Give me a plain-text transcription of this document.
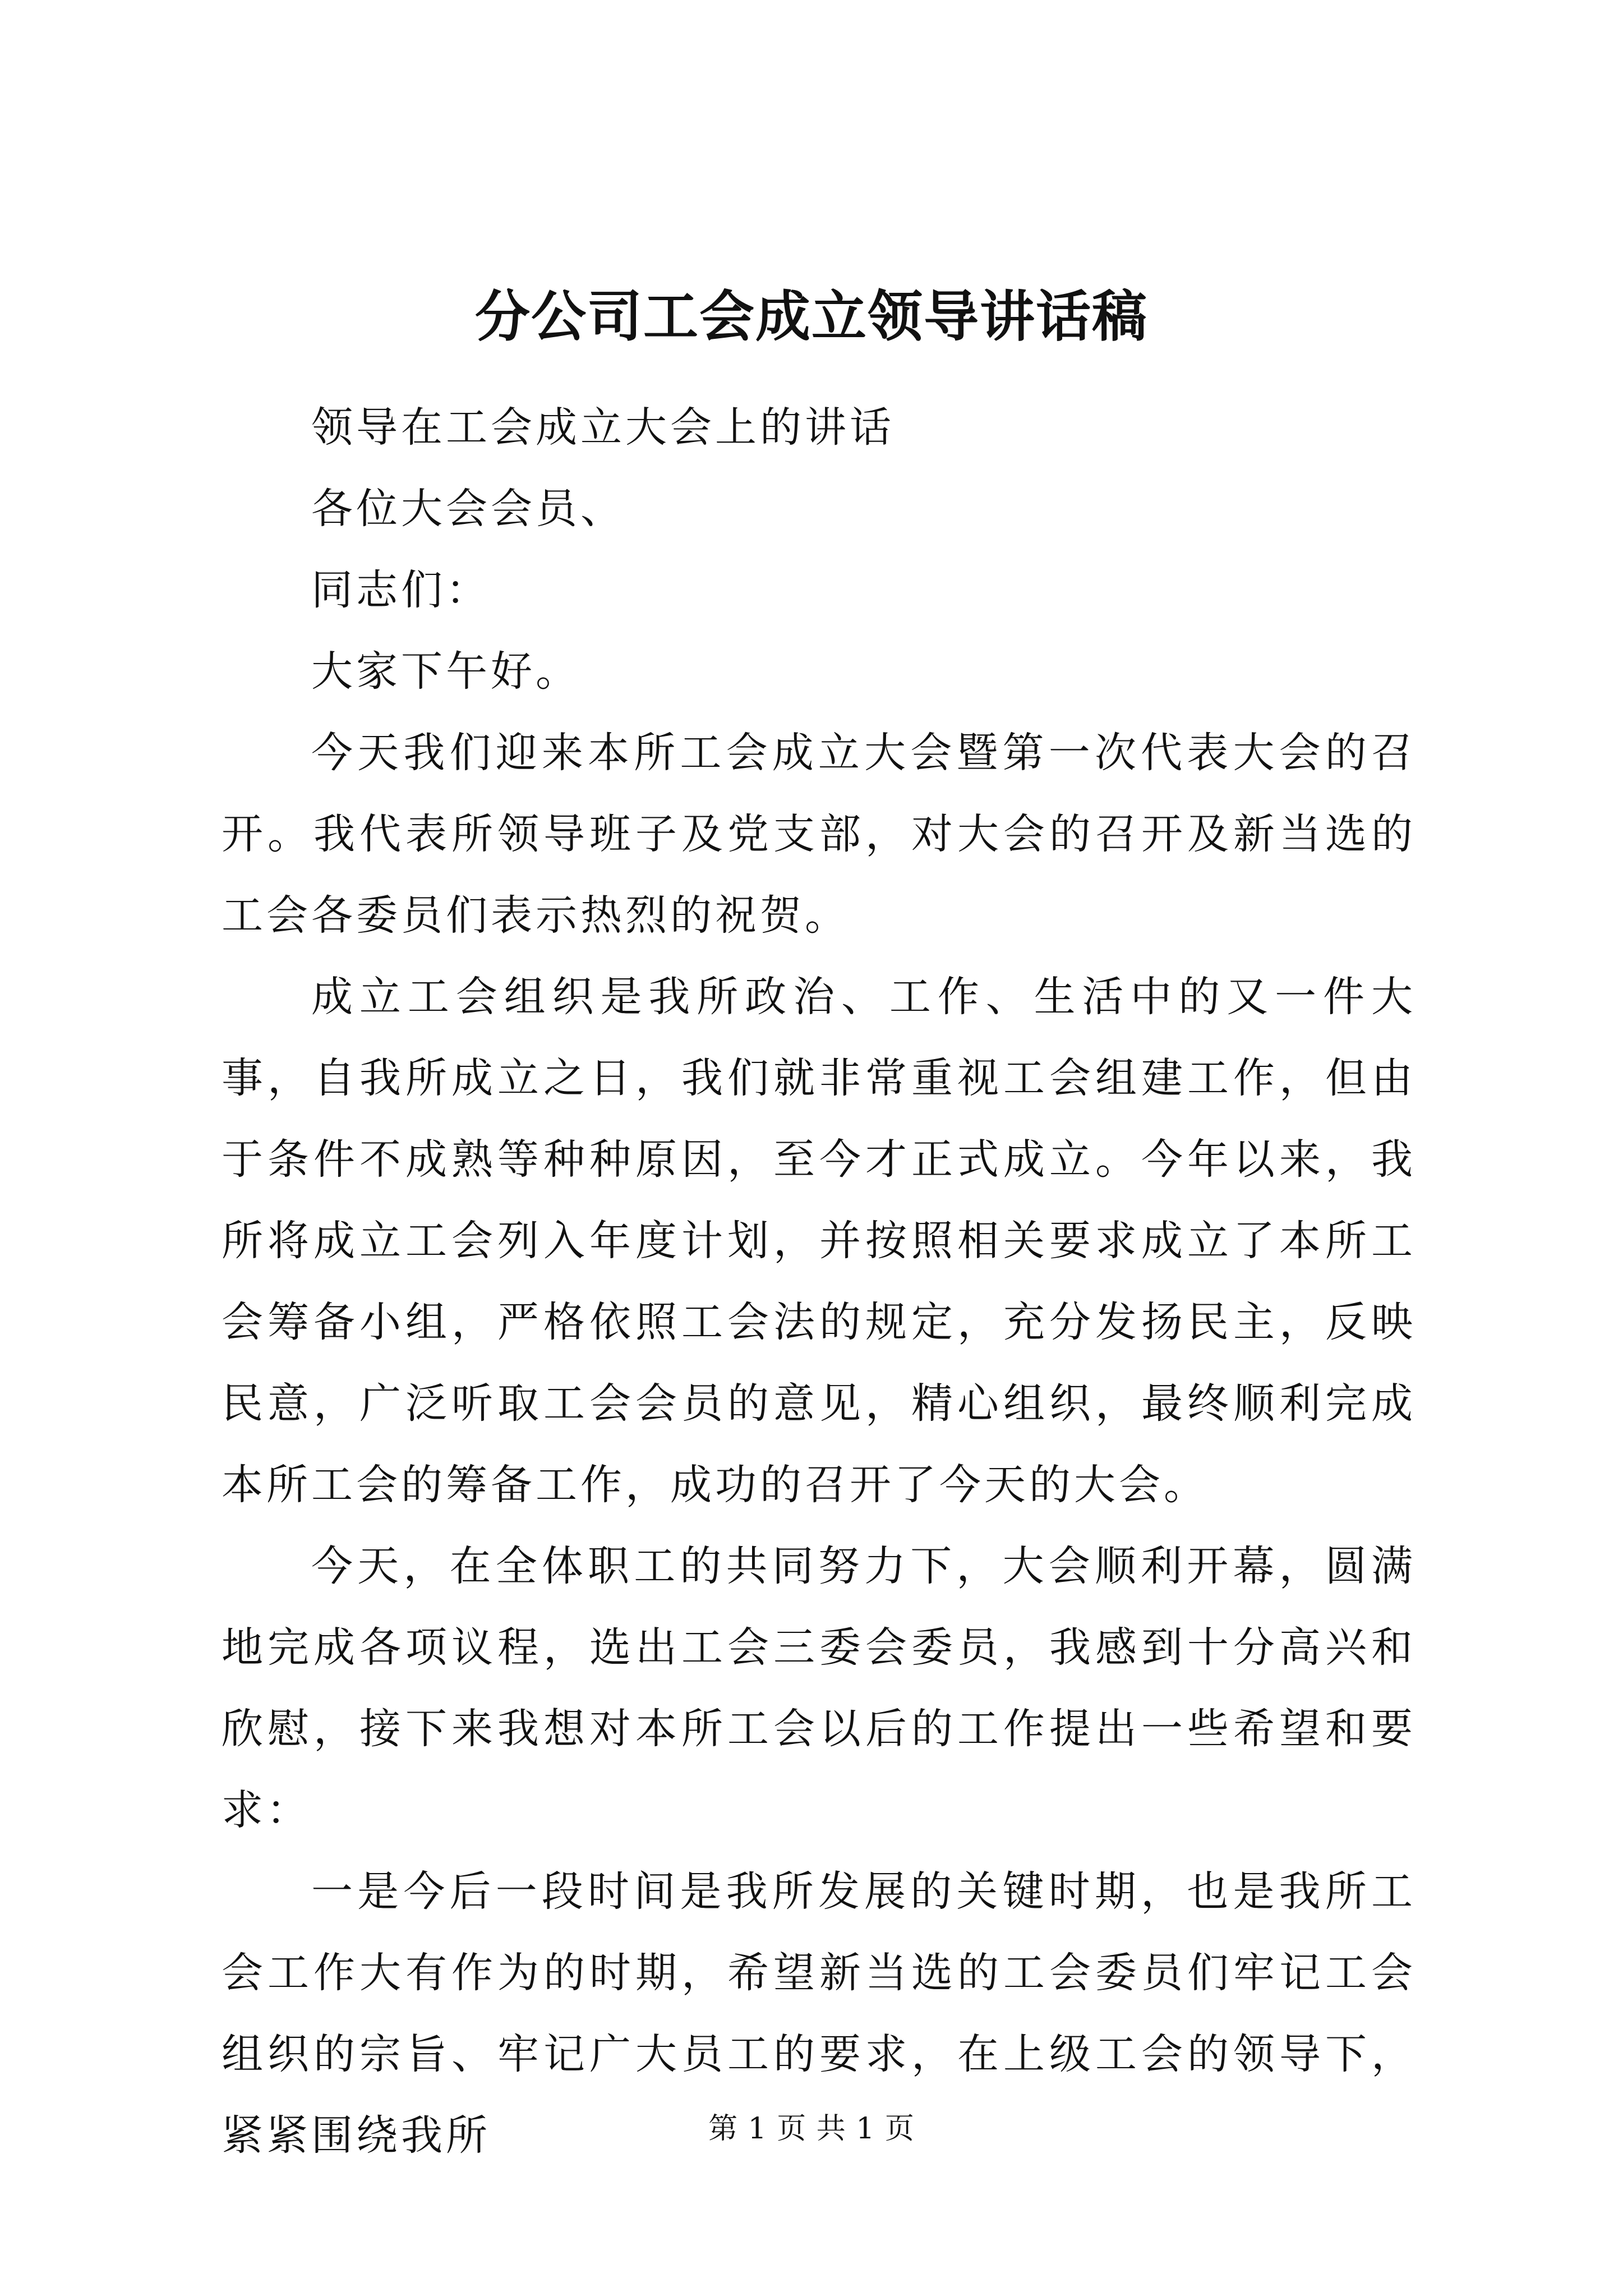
分公司工会成立领导讲话稿

领导在工会成立大会上的讲话

各位大会会员、

同志们：

大家下午好。

今天我们迎来本所工会成立大会暨第一次代表大会的召开。我代表所领导班子及党支部，对大会的召开及新当选的工会各委员们表示热烈的祝贺。

成立工会组织是我所政治、工作、生活中的又一件大事，自我所成立之日，我们就非常重视工会组建工作，但由于条件不成熟等种种原因，至今才正式成立。今年以来，我所将成立工会列入年度计划，并按照相关要求成立了本所工会筹备小组，严格依照工会法的规定，充分发扬民主，反映民意，广泛听取工会会员的意见，精心组织，最终顺利完成本所工会的筹备工作，成功的召开了今天的大会。

今天，在全体职工的共同努力下，大会顺利开幕，圆满地完成各项议程，选出工会三委会委员，我感到十分高兴和欣慰，接下来我想对本所工会以后的工作提出一些希望和要求：

一是今后一段时间是我所发展的关键时期，也是我所工会工作大有作为的时期，希望新当选的工会委员们牢记工会组织的宗旨、牢记广大员工的要求，在上级工会的领导下，紧紧围绕我所	第 1 页 共 1 页
